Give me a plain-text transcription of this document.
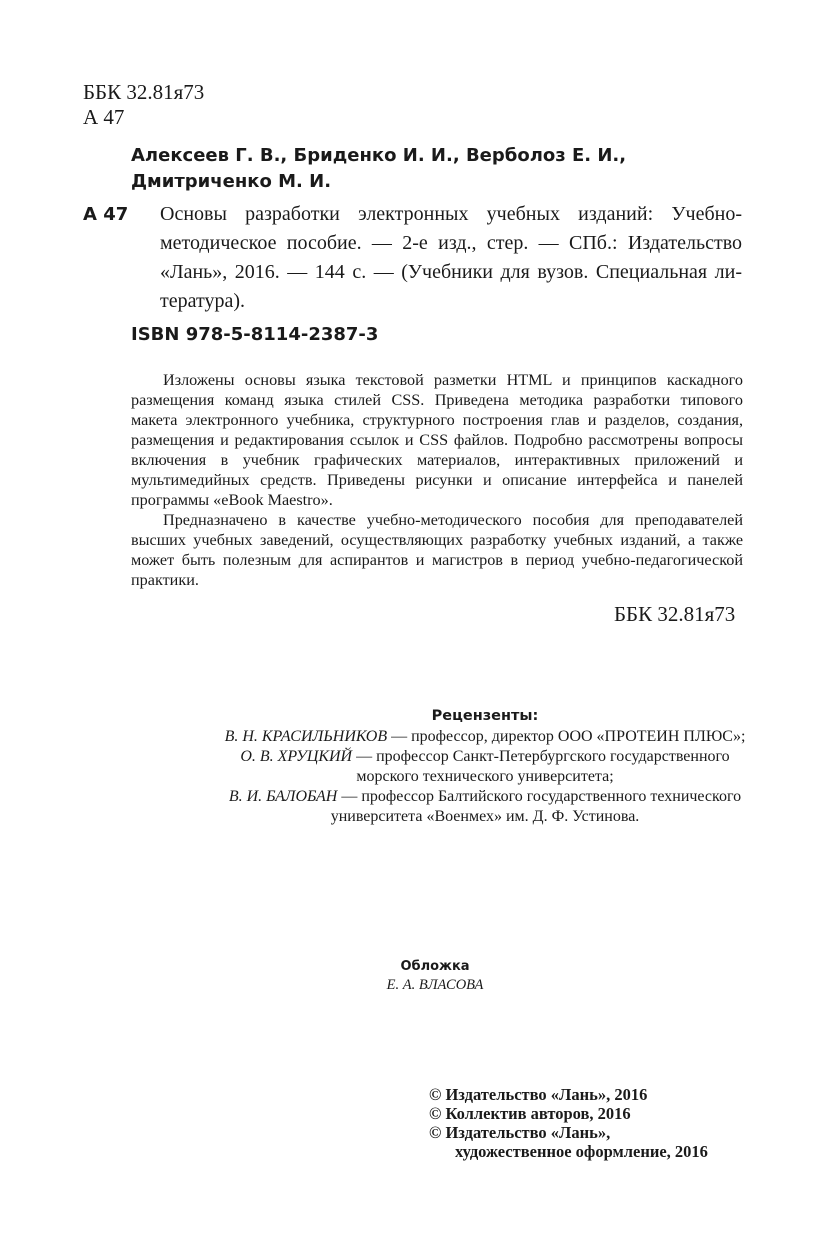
ББК 32.81я73
А 47
Алексеев Г. В., Бриденко И. И., Верболоз Е. И.,
Дмитриченко М. И.
А 47 Основы разработки электронных учебных изданий: Учебно-
методическое пособие. — 2-е изд., стер. — СПб.: Издательство
«Лань», 2016. — 144 с. — (Учебники для вузов. Специальная ли-
тература).
ISBN 978-5-8114-2387-3
Изложены основы языка текстовой разметки HTML и принципов каскадного
размещения команд языка стилей CSS. Приведена методика разработки типового
макета электронного учебника, структурного построения глав и разделов, создания,
размещения и редактирования ссылок и CSS файлов. Подробно рассмотрены вопросы
включения в учебник графических материалов, интерактивных приложений и
мультимедийных средств. Приведены рисунки и описание интерфейса и панелей
программы «eBook Maestro».
Предназначено в качестве учебно-методического пособия для преподавателей
высших учебных заведений, осуществляющих разработку учебных изданий, а также
может быть полезным для аспирантов и магистров в период учебно-педагогической
практики.
ББК 32.81я73
Рецензенты:
В. Н. КРАСИЛЬНИКОВ — профессор, директор ООО «ПРОТЕИН ПЛЮС»;
О. В. ХРУЦКИЙ — профессор Санкт-Петербургского государственного
морского технического университета;
В. И. БАЛОБАН — профессор Балтийского государственного технического
университета «Военмех» им. Д. Ф. Устинова.
Обложка
Е. А. ВЛАСОВА
© Издательство «Лань», 2016
© Коллектив авторов, 2016
© Издательство «Лань»,
художественное оформление, 2016
